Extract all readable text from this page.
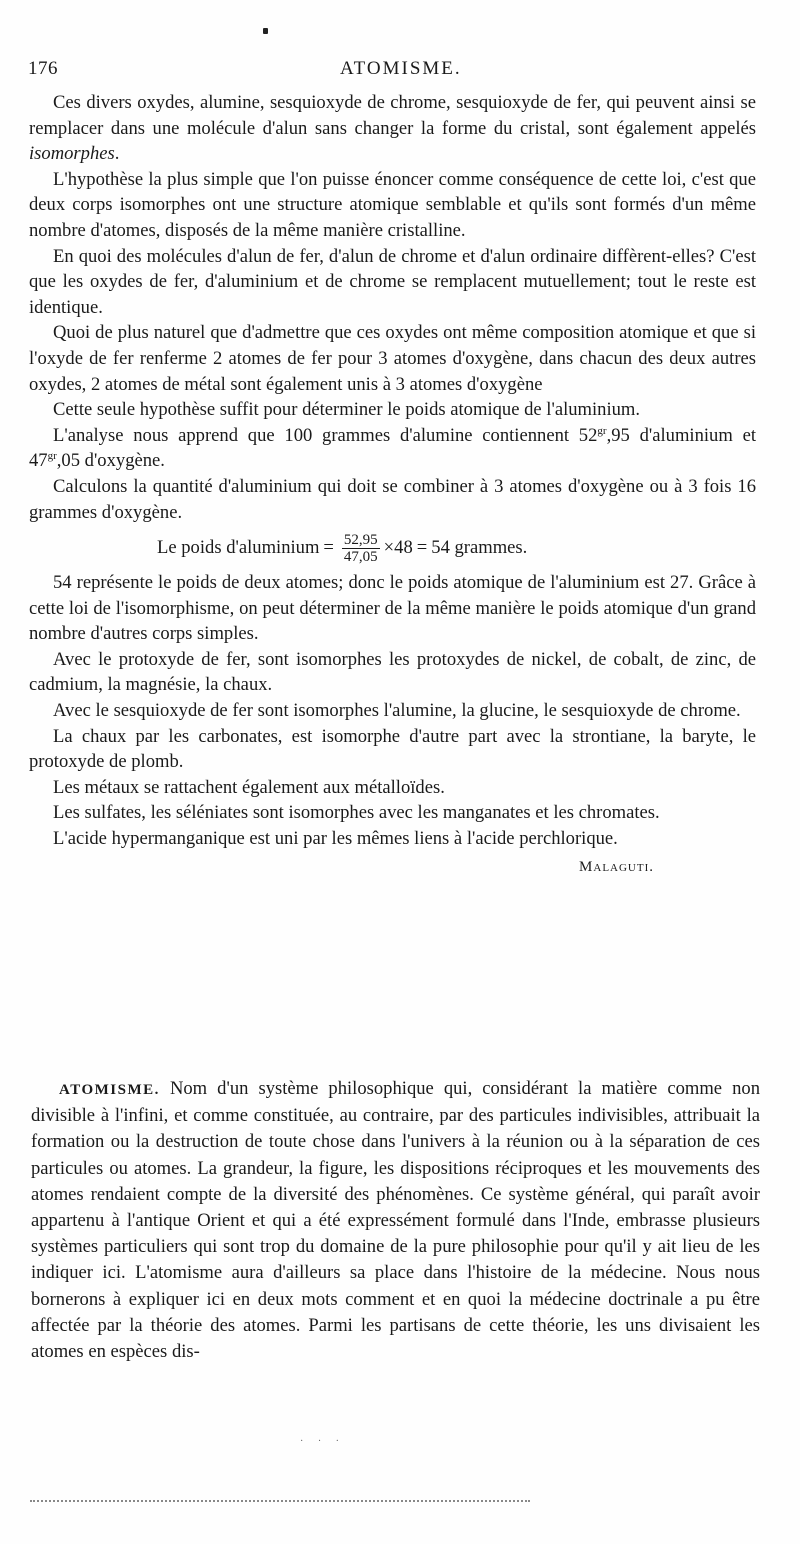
176	ATOMISME.

Ces divers oxydes, alumine, sesquioxyde de chrome, sesquioxyde de fer, qui peuvent ainsi se remplacer dans une molécule d'alun sans changer la forme du cristal, sont également appelés isomorphes.

L'hypothèse la plus simple que l'on puisse énoncer comme conséquence de cette loi, c'est que deux corps isomorphes ont une structure atomique semblable et qu'ils sont formés d'un même nombre d'atomes, disposés de la même manière cristalline.

En quoi des molécules d'alun de fer, d'alun de chrome et d'alun ordinaire diffèrent-elles? C'est que les oxydes de fer, d'aluminium et de chrome se remplacent mutuellement; tout le reste est identique.

Quoi de plus naturel que d'admettre que ces oxydes ont même composition atomique et que si l'oxyde de fer renferme 2 atomes de fer pour 3 atomes d'oxygène, dans chacun des deux autres oxydes, 2 atomes de métal sont également unis à 3 atomes d'oxygène

Cette seule hypothèse suffit pour déterminer le poids atomique de l'aluminium.

L'analyse nous apprend que 100 grammes d'alumine contiennent $52^{gr},95$ d'aluminium et $47^{gr},05$ d'oxygène.

Calculons la quantité d'aluminium qui doit se combiner à 3 atomes d'oxygène ou à 3 fois 16 grammes d'oxygène.

Le poids d'aluminium = $\frac{52,95}{47,05} \times 48 = 54$ grammes.

54 représente le poids de deux atomes; donc le poids atomique de l'aluminium est 27. Grâce à cette loi de l'isomorphisme, on peut déterminer de la même manière le poids atomique d'un grand nombre d'autres corps simples.

Avec le protoxyde de fer, sont isomorphes les protoxydes de nickel, de cobalt, de zinc, de cadmium, la magnésie, la chaux.

Avec le sesquioxyde de fer sont isomorphes l'alumine, la glucine, le sesquioxyde de chrome.

La chaux par les carbonates, est isomorphe d'autre part avec la strontiane, la baryte, le protoxyde de plomb.

Les métaux se rattachent également aux métalloïdes.

Les sulfates, les séléniates sont isomorphes avec les manganates et les chromates.

L'acide hypermanganique est uni par les mêmes liens à l'acide perchlorique.

Malaguti.

ATOMISME. Nom d'un système philosophique qui, considérant la matière comme non divisible à l'infini, et comme constituée, au contraire, par des particules indivisibles, attribuait la formation ou la destruction de toute chose dans l'univers à la réunion ou à la séparation de ces particules ou atomes. La grandeur, la figure, les dispositions réciproques et les mouvements des atomes rendaient compte de la diversité des phénomènes. Ce système général, qui paraît avoir appartenu à l'antique Orient et qui a été expressément formulé dans l'Inde, embrasse plusieurs systèmes particuliers qui sont trop du domaine de la pure philosophie pour qu'il y ait lieu de les indiquer ici. L'atomisme aura d'ailleurs sa place dans l'histoire de la médecine. Nous nous bornerons à expliquer ici en deux mots comment et en quoi la médecine doctrinale a pu être affectée par la théorie des atomes. Parmi les partisans de cette théorie, les uns divisaient les atomes en espèces dis-

· · ·
